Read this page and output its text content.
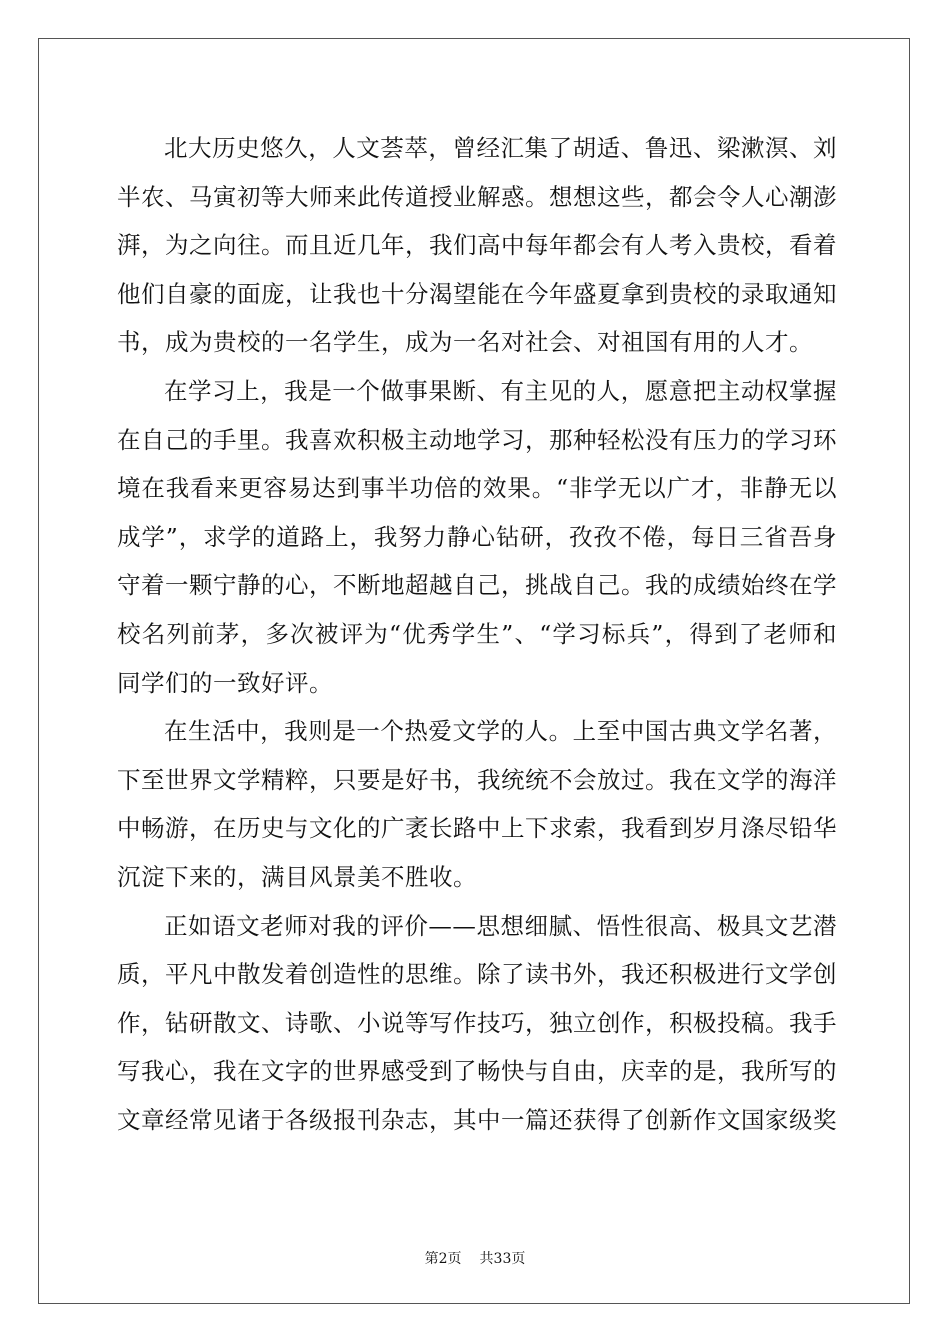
北大历史悠久，人文荟萃，曾经汇集了胡适、鲁迅、梁漱溟、刘半农、马寅初等大师来此传道授业解惑。想想这些，都会令人心潮澎湃，为之向往。而且近几年，我们高中每年都会有人考入贵校，看着他们自豪的面庞，让我也十分渴望能在今年盛夏拿到贵校的录取通知书，成为贵校的一名学生，成为一名对社会、对祖国有用的人才。

在学习上，我是一个做事果断、有主见的人，愿意把主动权掌握在自己的手里。我喜欢积极主动地学习，那种轻松没有压力的学习环境在我看来更容易达到事半功倍的效果。“非学无以广才，非静无以成学”，求学的道路上，我努力静心钻研，孜孜不倦，每日三省吾身守着一颗宁静的心，不断地超越自己，挑战自己。我的成绩始终在学校名列前茅，多次被评为“优秀学生”、“学习标兵”，得到了老师和同学们的一致好评。

在生活中，我则是一个热爱文学的人。上至中国古典文学名著，下至世界文学精粹，只要是好书，我统统不会放过。我在文学的海洋中畅游，在历史与文化的广袤长路中上下求索，我看到岁月涤尽铅华沉淀下来的，满目风景美不胜收。

正如语文老师对我的评价——思想细腻、悟性很高、极具文艺潜质，平凡中散发着创造性的思维。除了读书外，我还积极进行文学创作，钻研散文、诗歌、小说等写作技巧，独立创作，积极投稿。我手写我心，我在文字的世界感受到了畅快与自由，庆幸的是，我所写的文章经常见诸于各级报刊杂志，其中一篇还获得了创新作文国家级奖

第2页 共33页
